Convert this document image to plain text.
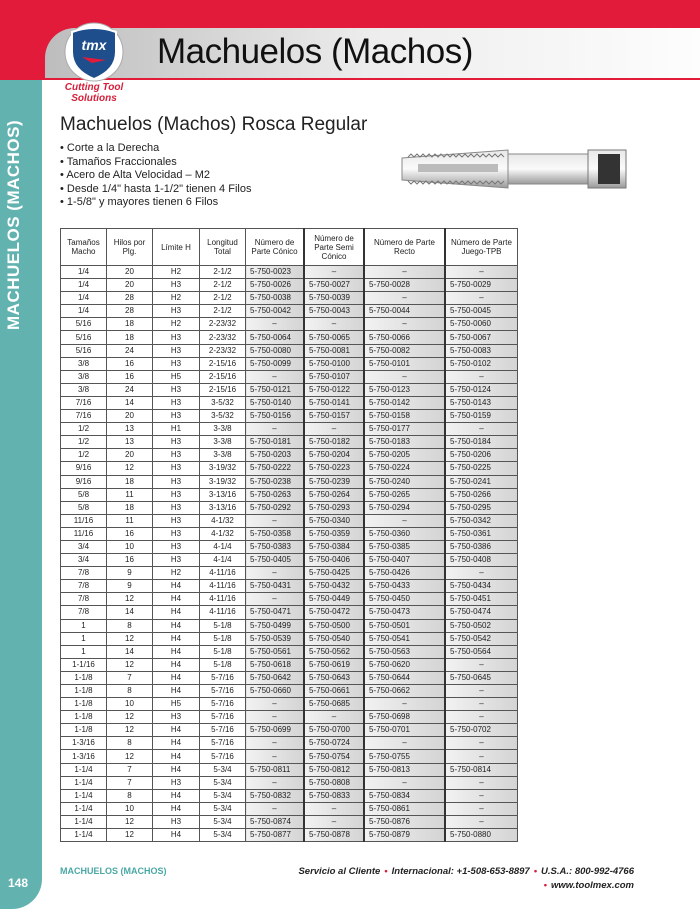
Machuelos (Machos)
tmx
Cutting Tool Solutions
MACHUELOS (MACHOS) Machuelos (Machos) Rosca Regular
• Corte a la Derecha
• Tamaños Fraccionales
• Acero de Alta Velocidad – M2
• Desde 1/4" hasta 1-1/2" tienen 4 Filos
• 1-5/8" y mayores tienen 6 Filos
Tamaños Macho	Hilos por Plg.	Límite H	Longitud Total	Número de Parte Cónico	Número de Parte Semi Cónico	Número de Parte Recto	Número de Parte Juego-TPB
1/4	20	H2	2-1/2	5-750-0023	–	–	–
1/4	20	H3	2-1/2	5-750-0026	5-750-0027	5-750-0028	5-750-0029
1/4	28	H2	2-1/2	5-750-0038	5-750-0039	–	–
1/4	28	H3	2-1/2	5-750-0042	5-750-0043	5-750-0044	5-750-0045
5/16	18	H2	2-23/32	–	–	–	5-750-0060
5/16	18	H3	2-23/32	5-750-0064	5-750-0065	5-750-0066	5-750-0067
5/16	24	H3	2-23/32	5-750-0080	5-750-0081	5-750-0082	5-750-0083
3/8	16	H3	2-15/16	5-750-0099	5-750-0100	5-750-0101	5-750-0102
3/8	16	H5	2-15/16	–	5-750-0107	–	–
3/8	24	H3	2-15/16	5-750-0121	5-750-0122	5-750-0123	5-750-0124
7/16	14	H3	3-5/32	5-750-0140	5-750-0141	5-750-0142	5-750-0143
7/16	20	H3	3-5/32	5-750-0156	5-750-0157	5-750-0158	5-750-0159
1/2	13	H1	3-3/8	–	–	5-750-0177	–
1/2	13	H3	3-3/8	5-750-0181	5-750-0182	5-750-0183	5-750-0184
1/2	20	H3	3-3/8	5-750-0203	5-750-0204	5-750-0205	5-750-0206
9/16	12	H3	3-19/32	5-750-0222	5-750-0223	5-750-0224	5-750-0225
9/16	18	H3	3-19/32	5-750-0238	5-750-0239	5-750-0240	5-750-0241
5/8	11	H3	3-13/16	5-750-0263	5-750-0264	5-750-0265	5-750-0266
5/8	18	H3	3-13/16	5-750-0292	5-750-0293	5-750-0294	5-750-0295
11/16	11	H3	4-1/32	–	5-750-0340	–	5-750-0342
11/16	16	H3	4-1/32	5-750-0358	5-750-0359	5-750-0360	5-750-0361
3/4	10	H3	4-1/4	5-750-0383	5-750-0384	5-750-0385	5-750-0386
3/4	16	H3	4-1/4	5-750-0405	5-750-0406	5-750-0407	5-750-0408
7/8	9	H2	4-11/16	–	5-750-0425	5-750-0426	–
7/8	9	H4	4-11/16	5-750-0431	5-750-0432	5-750-0433	5-750-0434
7/8	12	H4	4-11/16	–	5-750-0449	5-750-0450	5-750-0451
7/8	14	H4	4-11/16	5-750-0471	5-750-0472	5-750-0473	5-750-0474
1	8	H4	5-1/8	5-750-0499	5-750-0500	5-750-0501	5-750-0502
1	12	H4	5-1/8	5-750-0539	5-750-0540	5-750-0541	5-750-0542
1	14	H4	5-1/8	5-750-0561	5-750-0562	5-750-0563	5-750-0564
1-1/16	12	H4	5-1/8	5-750-0618	5-750-0619	5-750-0620	–
1-1/8	7	H4	5-7/16	5-750-0642	5-750-0643	5-750-0644	5-750-0645
1-1/8	8	H4	5-7/16	5-750-0660	5-750-0661	5-750-0662	–
1-1/8	10	H5	5-7/16	–	5-750-0685	–	–
1-1/8	12	H3	5-7/16	–	–	5-750-0698	–
1-1/8	12	H4	5-7/16	5-750-0699	5-750-0700	5-750-0701	5-750-0702
1-3/16	8	H4	5-7/16	–	5-750-0724	–	–
1-3/16	12	H4	5-7/16	–	5-750-0754	5-750-0755	–
1-1/4	7	H4	5-3/4	5-750-0811	5-750-0812	5-750-0813	5-750-0814
1-1/4	7	H3	5-3/4	–	5-750-0808	–	–
1-1/4	8	H4	5-3/4	5-750-0832	5-750-0833	5-750-0834	–
1-1/4	10	H4	5-3/4	–	–	5-750-0861	–
1-1/4	12	H3	5-3/4	5-750-0874	–	5-750-0876	–
1-1/4	12	H4	5-3/4	5-750-0877	5-750-0878	5-750-0879	5-750-0880
MACHUELOS (MACHOS)
148
Servicio al Cliente • Internacional: +1-508-653-8897 • U.S.A.: 800-992-4766
• www.toolmex.com
